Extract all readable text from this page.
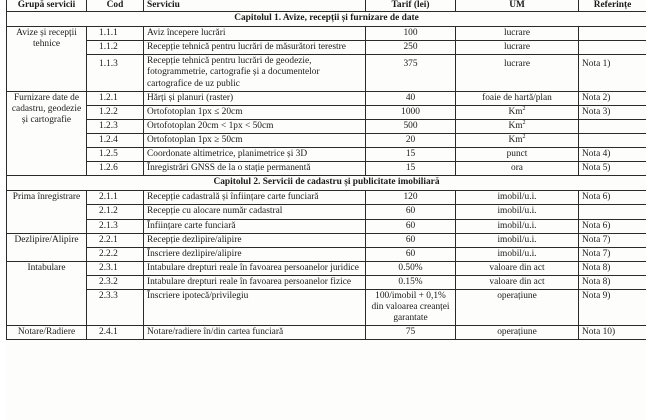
Grupă servicii	Cod	Serviciu	Tarif (lei)	UM	Referințe
Capitolul 1. Avize, recepții și furnizare de date					
Avize și recepții tehnice	1.1.1	Aviz începere lucrări	100	lucrare	
	1.1.2	Recepție tehnică pentru lucrări de măsurători terestre	250	lucrare	
	1.1.3	Recepție tehnică pentru lucrări de geodezie, fotogrammetrie, cartografie și a documentelor cartografice de uz public	375	lucrare	Nota 1)
Furnizare date de cadastru, geodezie și cartografie	1.2.1	Hărți și planuri (raster)	40	foaie de hartă/plan	Nota 2)
	1.2.2	Ortofotoplan 1px ≤ 20cm	1000	Km$^2$	Nota 3)
	1.2.3	Ortofotoplan 20cm < 1px < 50cm	500	Km$^2$	
	1.2.4	Ortofotoplan 1px ≥ 50cm	20	Km$^2$	
	1.2.5	Coordonate altimetrice, planimetrice și 3D	15	punct	Nota 4)
	1.2.6	Înregistrări GNSS de la o stație permanentă	15	ora	Nota 5)
Capitolul 2. Servicii de cadastru și publicitate imobiliară					
Prima înregistrare	2.1.1	Recepție cadastrală și înființare carte funciară	120	imobil/u.i.	Nota 6)
	2.1.2	Recepție cu alocare număr cadastral	60	imobil/u.i.	
	2.1.3	Înființare carte funciară	60	imobil/u.i.	Nota 6)
Dezlipire/Alipire	2.2.1	Recepție dezlipire/alipire	60	imobil/u.i.	Nota 7)
	2.2.2	Înscriere dezlipire/alipire	60	imobil/u.i.	Nota 7)
Intabulare	2.3.1	Intabulare drepturi reale în favoarea persoanelor juridice	0.50%	valoare din act	Nota 8)
	2.3.2	Intabulare drepturi reale în favoarea persoanelor fizice	0.15%	valoare din act	Nota 8)
	2.3.3	Înscriere ipotecă/privilegiu	100/imobil + 0,1% din valoarea creanței garantate	operațiune	Nota 9)
Notare/Radiere	2.4.1	Notare/radiere în/din cartea funciară	75	operațiune	Nota 10)
